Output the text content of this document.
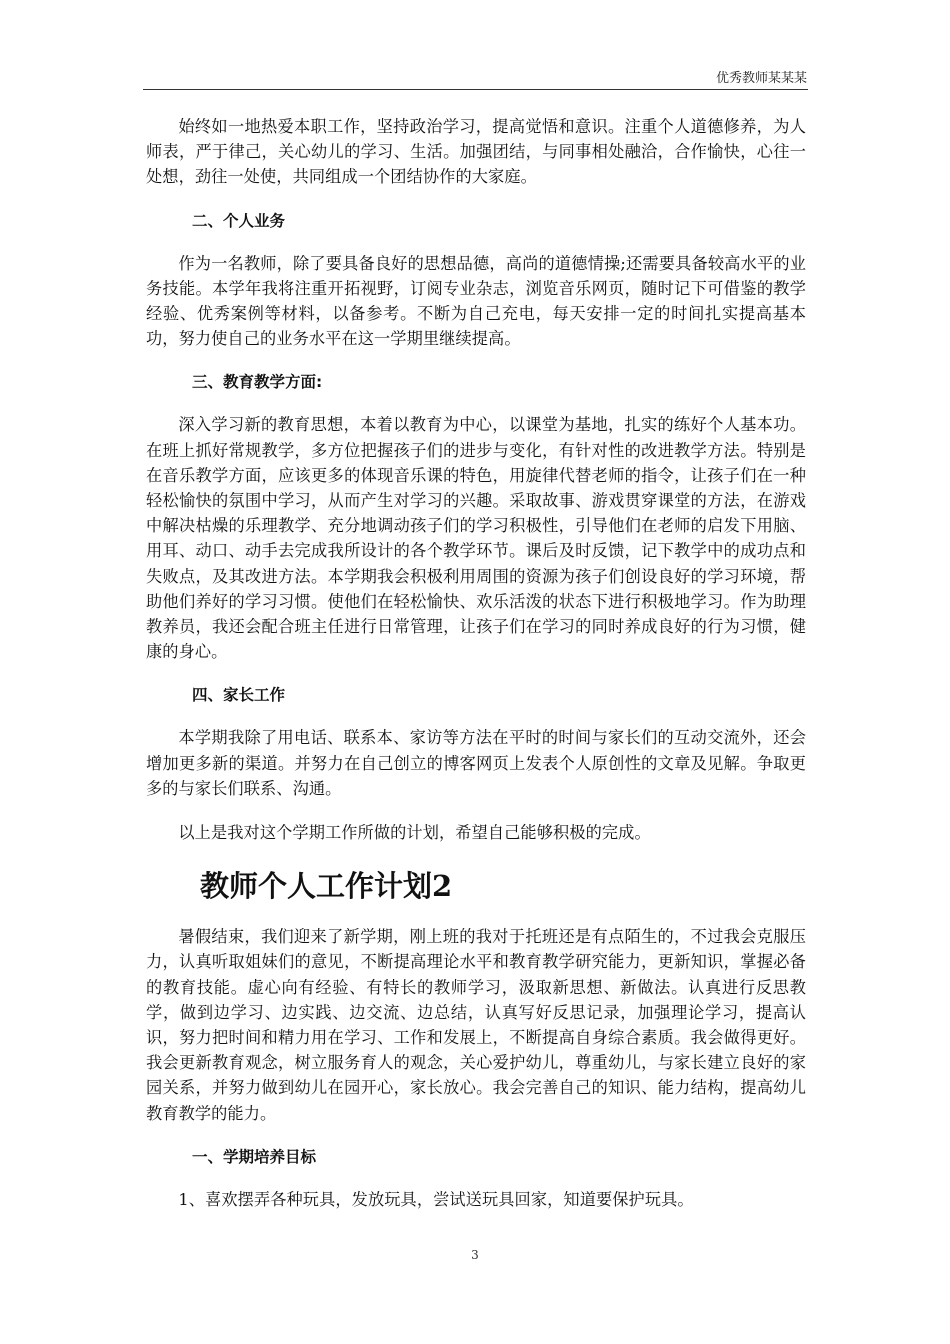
优秀教师某某某

始终如一地热爱本职工作，坚持政治学习，提高觉悟和意识。注重个人道德修养，为人师表，严于律己，关心幼儿的学习、生活。加强团结，与同事相处融洽，合作愉快，心往一处想，劲往一处使，共同组成一个团结协作的大家庭。

二、个人业务

作为一名教师，除了要具备良好的思想品德，高尚的道德情操;还需要具备较高水平的业务技能。本学年我将注重开拓视野，订阅专业杂志，浏览音乐网页，随时记下可借鉴的教学经验、优秀案例等材料，以备参考。不断为自己充电，每天安排一定的时间扎实提高基本功，努力使自己的业务水平在这一学期里继续提高。

三、教育教学方面:

深入学习新的教育思想，本着以教育为中心，以课堂为基地，扎实的练好个人基本功。在班上抓好常规教学，多方位把握孩子们的进步与变化，有针对性的改进教学方法。特别是在音乐教学方面，应该更多的体现音乐课的特色，用旋律代替老师的指令，让孩子们在一种轻松愉快的氛围中学习，从而产生对学习的兴趣。采取故事、游戏贯穿课堂的方法，在游戏中解决枯燥的乐理教学、充分地调动孩子们的学习积极性，引导他们在老师的启发下用脑、用耳、动口、动手去完成我所设计的各个教学环节。课后及时反馈，记下教学中的成功点和失败点，及其改进方法。本学期我会积极利用周围的资源为孩子们创设良好的学习环境，帮助他们养好的学习习惯。使他们在轻松愉快、欢乐活泼的状态下进行积极地学习。作为助理教养员，我还会配合班主任进行日常管理，让孩子们在学习的同时养成良好的行为习惯，健康的身心。

四、家长工作

本学期我除了用电话、联系本、家访等方法在平时的时间与家长们的互动交流外，还会增加更多新的渠道。并努力在自己创立的博客网页上发表个人原创性的文章及见解。争取更多的与家长们联系、沟通。

以上是我对这个学期工作所做的计划，希望自己能够积极的完成。

教师个人工作计划2

暑假结束，我们迎来了新学期，刚上班的我对于托班还是有点陌生的，不过我会克服压力，认真听取姐妹们的意见，不断提高理论水平和教育教学研究能力，更新知识，掌握必备的教育技能。虚心向有经验、有特长的教师学习，汲取新思想、新做法。认真进行反思教学，做到边学习、边实践、边交流、边总结，认真写好反思记录，加强理论学习，提高认识，努力把时间和精力用在学习、工作和发展上，不断提高自身综合素质。我会做得更好。我会更新教育观念，树立服务育人的观念，关心爱护幼儿，尊重幼儿，与家长建立良好的家园关系，并努力做到幼儿在园开心，家长放心。我会完善自己的知识、能力结构，提高幼儿教育教学的能力。

一、学期培养目标

1、喜欢摆弄各种玩具，发放玩具，尝试送玩具回家，知道要保护玩具。

3
